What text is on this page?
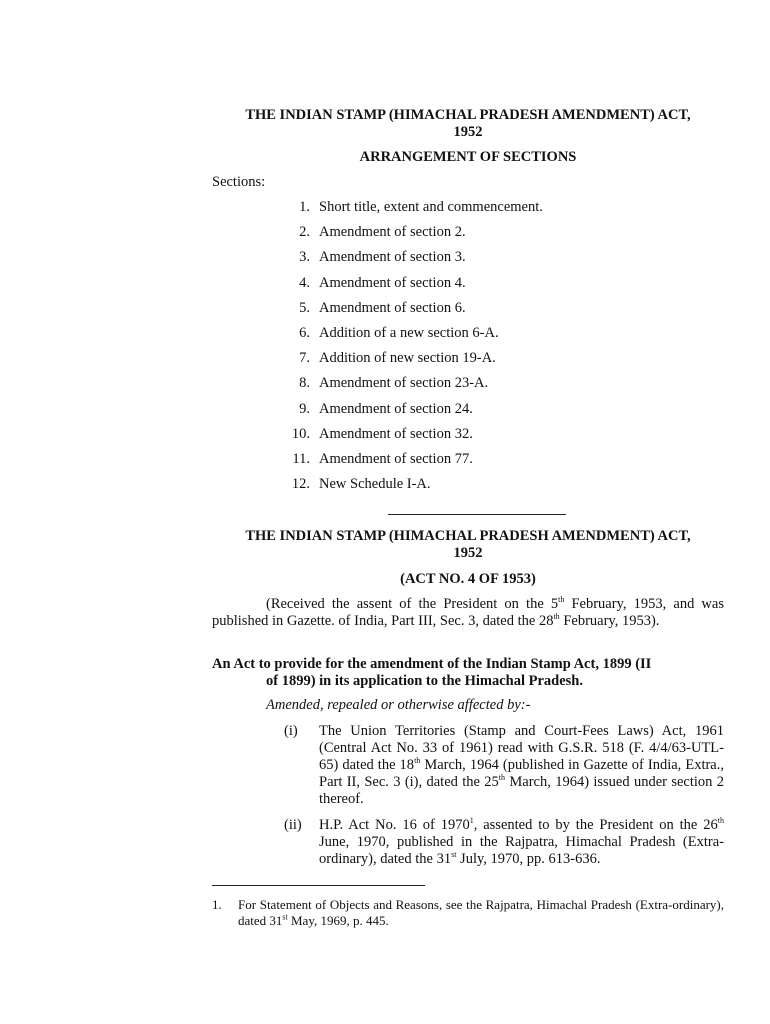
THE INDIAN STAMP (HIMACHAL PRADESH AMENDMENT) ACT,
1952
ARRANGEMENT OF SECTIONS
Sections:
1. Short title, extent and commencement.
2. Amendment of section 2.
3. Amendment of section 3.
4. Amendment of section 4.
5. Amendment of section 6.
6. Addition of a new section 6-A.
7. Addition of new section 19-A.
8. Amendment of section 23-A.
9. Amendment of section 24.
10. Amendment of section 32.
11. Amendment of section 77.
12. New Schedule I-A.
THE INDIAN STAMP (HIMACHAL PRADESH AMENDMENT) ACT,
1952
(ACT NO. 4 OF 1953)
(Received the assent of the President on the 5th February, 1953, and was published in Gazette. of India, Part III, Sec. 3, dated the 28th February, 1953).
An Act to provide for the amendment of the Indian Stamp Act, 1899 (II
of 1899) in its application to the Himachal Pradesh.
Amended, repealed or otherwise affected by:-
(i) The Union Territories (Stamp and Court-Fees Laws) Act, 1961 (Central Act No. 33 of 1961) read with G.S.R. 518 (F. 4/4/63-UTL-65) dated the 18th March, 1964 (published in Gazette of India, Extra., Part II, Sec. 3 (i), dated the 25th March, 1964) issued under section 2 thereof.
(ii) H.P. Act No. 16 of 1970$^1$, assented to by the President on the 26th June, 1970, published in the Rajpatra, Himachal Pradesh (Extra-ordinary), dated the 31st July, 1970, pp. 613-636.
1. For Statement of Objects and Reasons, see the Rajpatra, Himachal Pradesh (Extra-ordinary), dated 31st May, 1969, p. 445.
